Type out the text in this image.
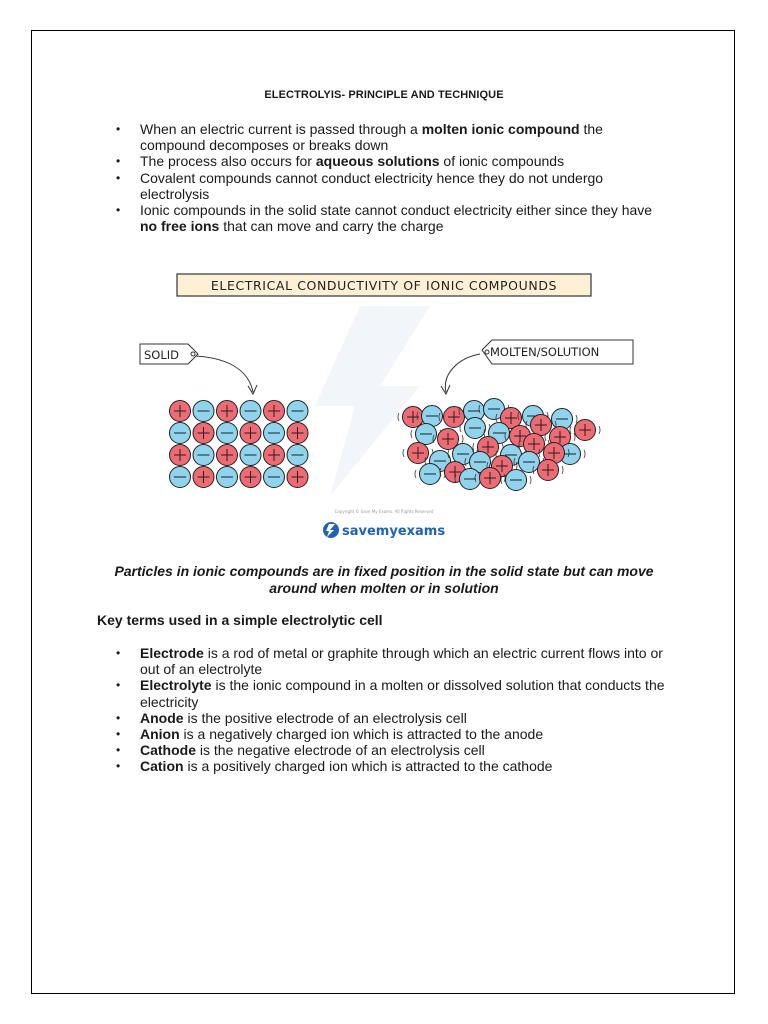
ELECTROLYIS- PRINCIPLE AND TECHNIQUE
• When an electric current is passed through a molten ionic compound the compound decomposes or breaks down
• The process also occurs for aqueous solutions of ionic compounds
• Covalent compounds cannot conduct electricity hence they do not undergo electrolysis
• Ionic compounds in the solid state cannot conduct electricity either since they have no free ions that can move and carry the charge
ELECTRICAL CONDUCTIVITY OF IONIC COMPOUNDS
SOLID	MOLTEN/SOLUTION
Copyright © Save My Exams. All Rights Reserved
savemyexams
Particles in ionic compounds are in fixed position in the solid state but can move around when molten or in solution
Key terms used in a simple electrolytic cell
• Electrode is a rod of metal or graphite through which an electric current flows into or out of an electrolyte
• Electrolyte is the ionic compound in a molten or dissolved solution that conducts the electricity
• Anode is the positive electrode of an electrolysis cell
• Anion is a negatively charged ion which is attracted to the anode
• Cathode is the negative electrode of an electrolysis cell
• Cation is a positively charged ion which is attracted to the cathode
